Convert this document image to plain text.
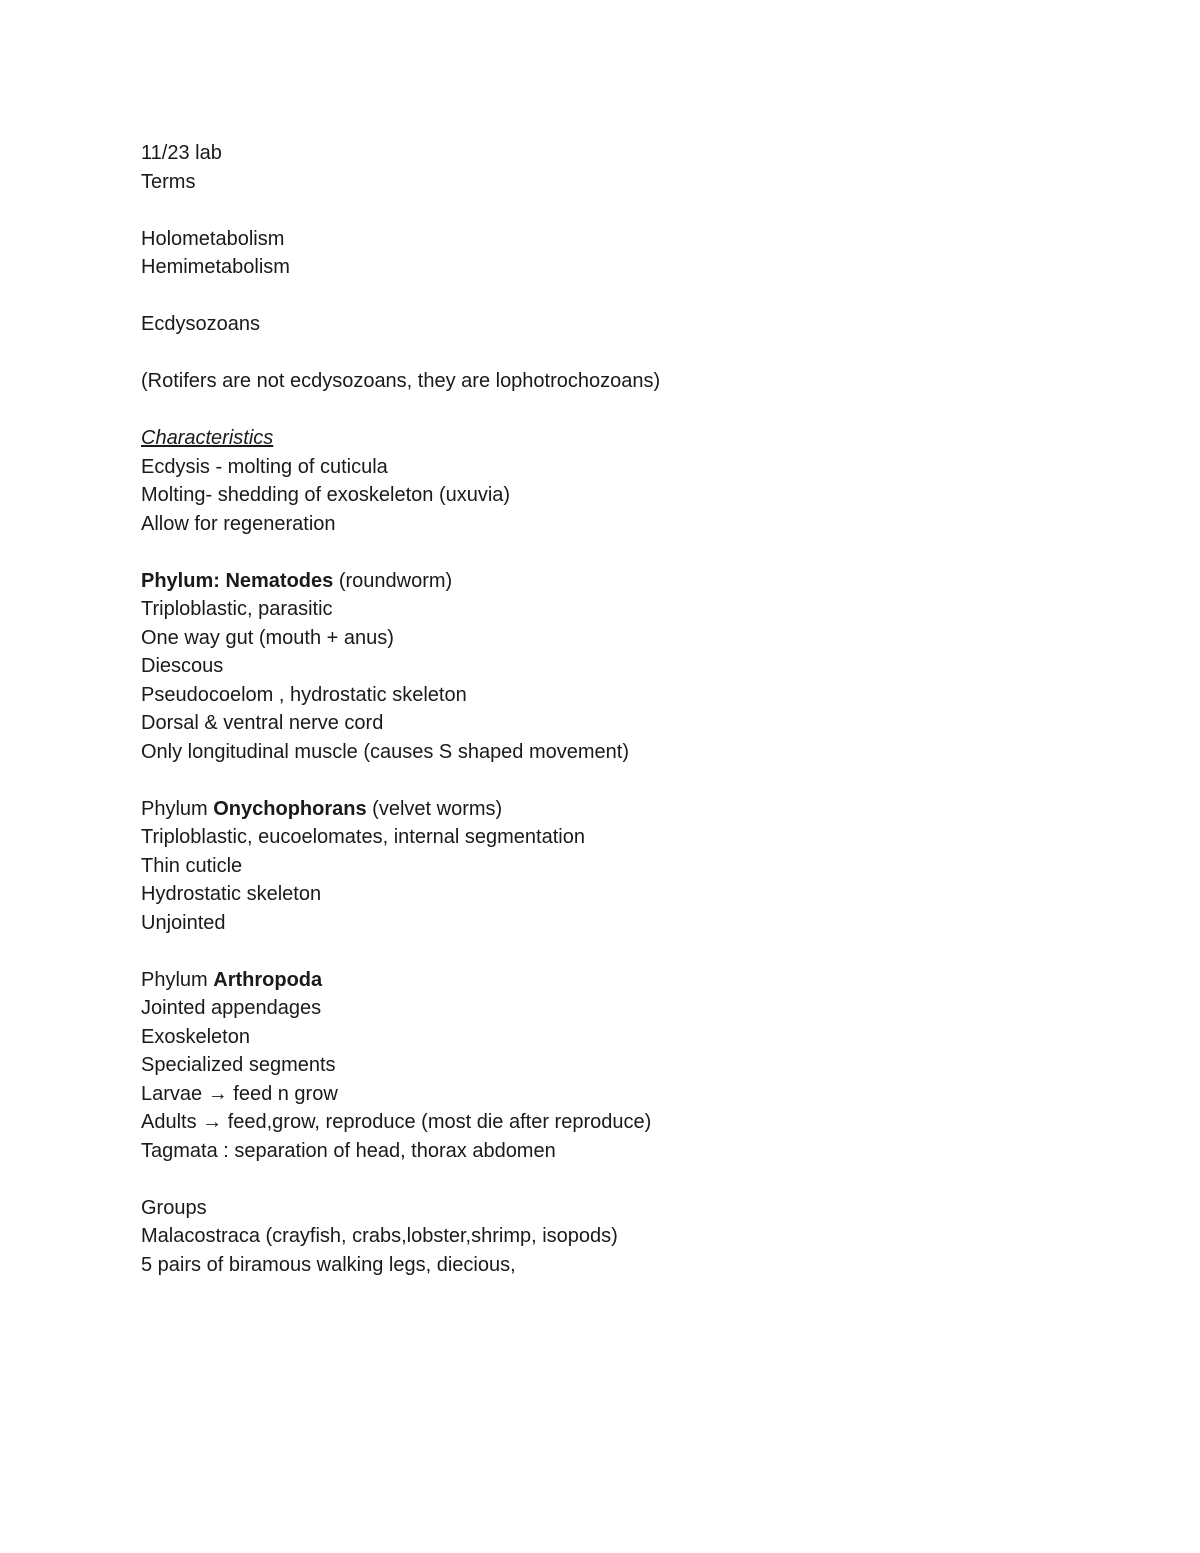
11/23 lab
Terms
Holometabolism
Hemimetabolism
Ecdysozoans
(Rotifers are not ecdysozoans, they are lophotrochozoans)
Characteristics
Ecdysis - molting of cuticula
Molting- shedding of exoskeleton (uxuvia)
Allow for regeneration
Phylum: Nematodes (roundworm)
Triploblastic, parasitic
One way gut (mouth + anus)
Diescous
Pseudocoelom , hydrostatic skeleton
Dorsal & ventral nerve cord
Only longitudinal muscle (causes S shaped movement)
Phylum Onychophorans (velvet worms)
Triploblastic, eucoelomates, internal segmentation
Thin cuticle
Hydrostatic skeleton
Unjointed
Phylum Arthropoda
Jointed appendages
Exoskeleton
Specialized segments
Larvae → feed n grow
Adults → feed,grow, reproduce (most die after reproduce)
Tagmata : separation of head, thorax abdomen
Groups
Malacostraca (crayfish, crabs,lobster,shrimp, isopods)
5 pairs of biramous walking legs, diecious,
